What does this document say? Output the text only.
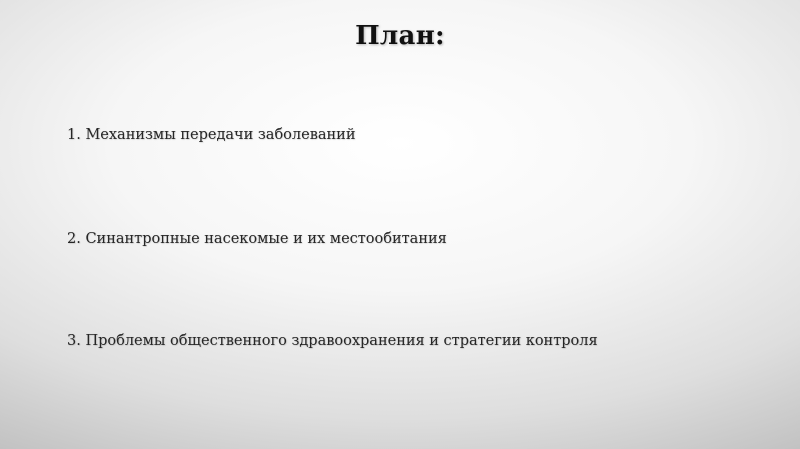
План:
1. Механизмы передачи заболеваний
2. Синантропные насекомые и их местообитания
3. Проблемы общественного здравоохранения и стратегии контроля
